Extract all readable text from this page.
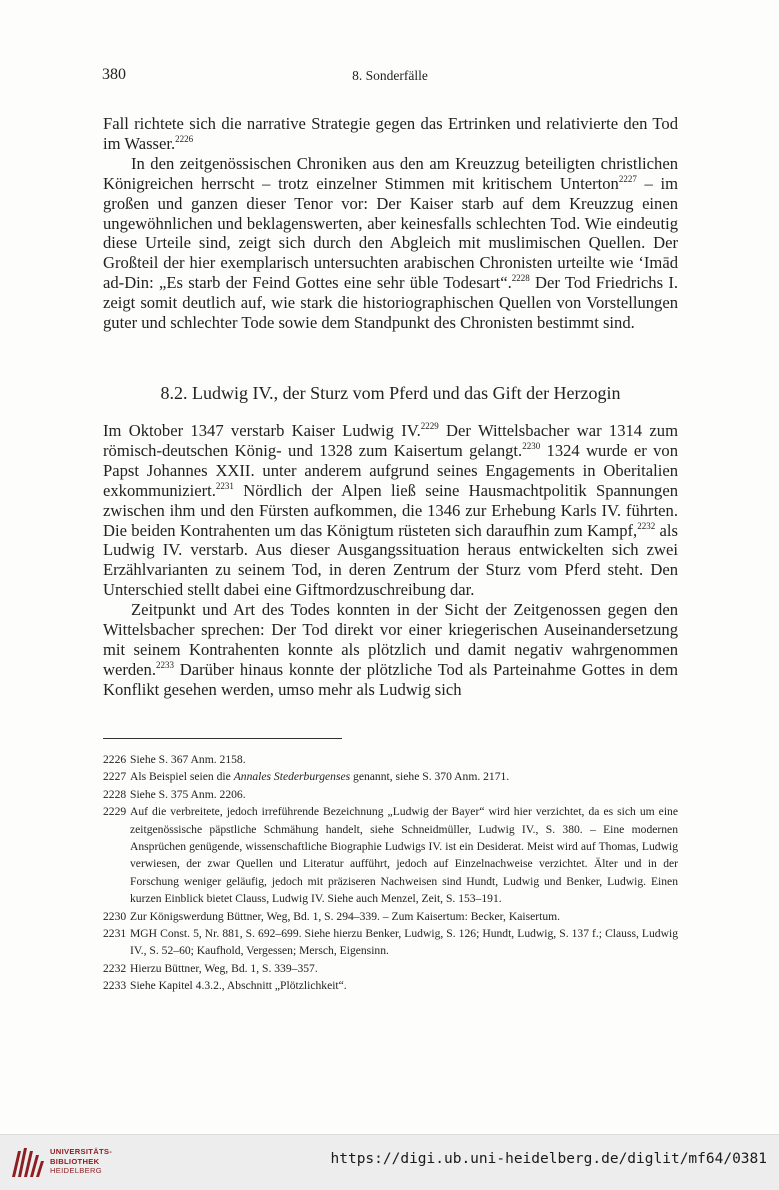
380	8. Sonderfälle

Fall richtete sich die narrative Strategie gegen das Ertrinken und relativierte den Tod im Wasser.$^{2226}$

In den zeitgenössischen Chroniken aus den am Kreuzzug beteiligten christlichen Königreichen herrscht – trotz einzelner Stimmen mit kritischem Unterton$^{2227}$ – im großen und ganzen dieser Tenor vor: Der Kaiser starb auf dem Kreuzzug einen ungewöhnlichen und beklagenswerten, aber keinesfalls schlechten Tod. Wie eindeutig diese Urteile sind, zeigt sich durch den Abgleich mit muslimischen Quellen. Der Großteil der hier exemplarisch untersuchten arabischen Chronisten urteilte wie ‘Imād ad-Din: „Es starb der Feind Gottes eine sehr üble Todesart“.$^{2228}$ Der Tod Friedrichs I. zeigt somit deutlich auf, wie stark die historiographischen Quellen von Vorstellungen guter und schlechter Tode sowie dem Standpunkt des Chronisten bestimmt sind.

8.2. Ludwig IV., der Sturz vom Pferd und das Gift der Herzogin

Im Oktober 1347 verstarb Kaiser Ludwig IV.$^{2229}$ Der Wittelsbacher war 1314 zum römisch-deutschen König- und 1328 zum Kaisertum gelangt.$^{2230}$ 1324 wurde er von Papst Johannes XXII. unter anderem aufgrund seines Engagements in Oberitalien exkommuniziert.$^{2231}$ Nördlich der Alpen ließ seine Hausmachtpolitik Spannungen zwischen ihm und den Fürsten aufkommen, die 1346 zur Erhebung Karls IV. führten. Die beiden Kontrahenten um das Königtum rüsteten sich daraufhin zum Kampf,$^{2232}$ als Ludwig IV. verstarb. Aus dieser Ausgangssituation heraus entwickelten sich zwei Erzählvarianten zu seinem Tod, in deren Zentrum der Sturz vom Pferd steht. Den Unterschied stellt dabei eine Giftmordzuschreibung dar.

Zeitpunkt und Art des Todes konnten in der Sicht der Zeitgenossen gegen den Wittelsbacher sprechen: Der Tod direkt vor einer kriegerischen Auseinandersetzung mit seinem Kontrahenten konnte als plötzlich und damit negativ wahrgenommen werden.$^{2233}$ Darüber hinaus konnte der plötzliche Tod als Parteinahme Gottes in dem Konflikt gesehen werden, umso mehr als Ludwig sich

2226 Siehe S. 367 Anm. 2158.
2227 Als Beispiel seien die Annales Stederburgenses genannt, siehe S. 370 Anm. 2171.
2228 Siehe S. 375 Anm. 2206.
2229 Auf die verbreitete, jedoch irreführende Bezeichnung „Ludwig der Bayer“ wird hier verzichtet, da es sich um eine zeitgenössische päpstliche Schmähung handelt, siehe Schneidmüller, Ludwig IV., S. 380. – Eine modernen Ansprüchen genügende, wissenschaftliche Biographie Ludwigs IV. ist ein Desiderat. Meist wird auf Thomas, Ludwig verwiesen, der zwar Quellen und Literatur aufführt, jedoch auf Einzelnachweise verzichtet. Älter und in der Forschung weniger geläufig, jedoch mit präziseren Nachweisen sind Hundt, Ludwig und Benker, Ludwig. Einen kurzen Einblick bietet Clauss, Ludwig IV. Siehe auch Menzel, Zeit, S. 153–191.
2230 Zur Königswerdung Büttner, Weg, Bd. 1, S. 294–339. – Zum Kaisertum: Becker, Kaisertum.
2231 MGH Const. 5, Nr. 881, S. 692–699. Siehe hierzu Benker, Ludwig, S. 126; Hundt, Ludwig, S. 137 f.; Clauss, Ludwig IV., S. 52–60; Kaufhold, Vergessen; Mersch, Eigensinn.
2232 Hierzu Büttner, Weg, Bd. 1, S. 339–357.
2233 Siehe Kapitel 4.3.2., Abschnitt „Plötzlichkeit“.
UNIVERSITÄTS-
BIBLIOTHEK
HEIDELBERG
https://digi.ub.uni-heidelberg.de/diglit/mf64/0381
